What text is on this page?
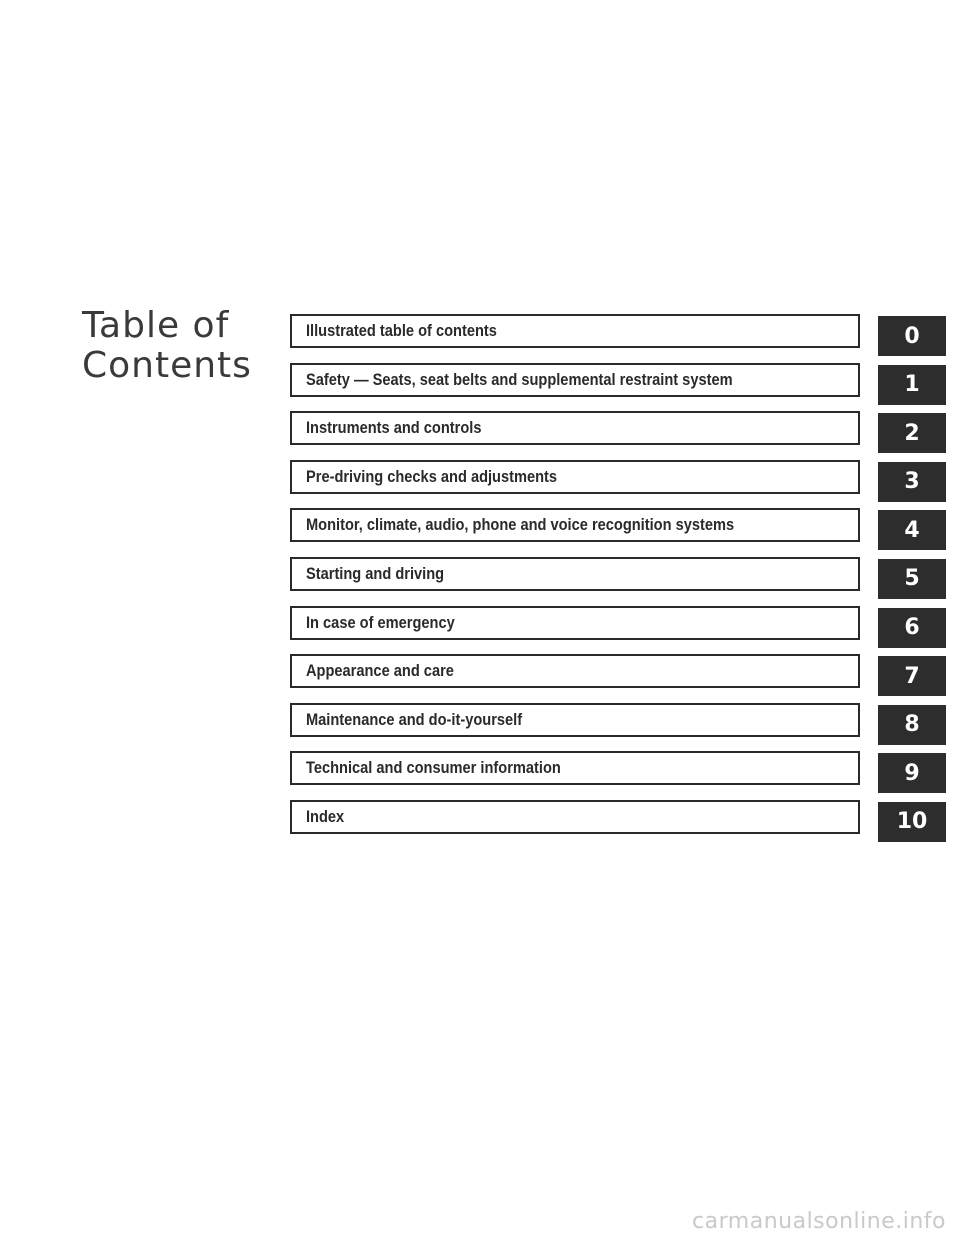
Table of
Contents
Illustrated table of contents	0
Safety — Seats, seat belts and supplemental restraint system	1
Instruments and controls	2
Pre-driving checks and adjustments	3
Monitor, climate, audio, phone and voice recognition systems	4
Starting and driving	5
In case of emergency	6
Appearance and care	7
Maintenance and do-it-yourself	8
Technical and consumer information	9
Index	10
carmanualsonline.info
